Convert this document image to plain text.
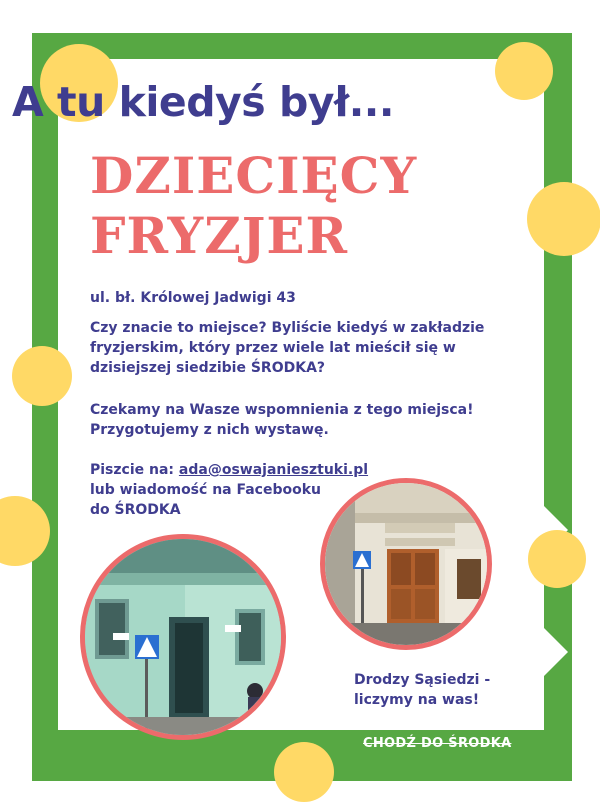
A tu kiedyś był...
DZIECIĘCY
FRYZJER

ul. bł. Królowej Jadwigi 43

Czy znacie to miejsce? Byliście kiedyś w zakładzie
fryzjerskim, który przez wiele lat mieścił się w
dzisiejszej siedzibie ŚRODKA?

Czekamy na Wasze wspomnienia z tego miejsca!
Przygotujemy z nich wystawę.

Piszcie na: ada@oswajaniesztuki.pl
lub wiadomość na Facebooku
do ŚRODKA

Drodzy Sąsiedzi -
liczymy na was!

CHODŹ DO ŚRODKA
